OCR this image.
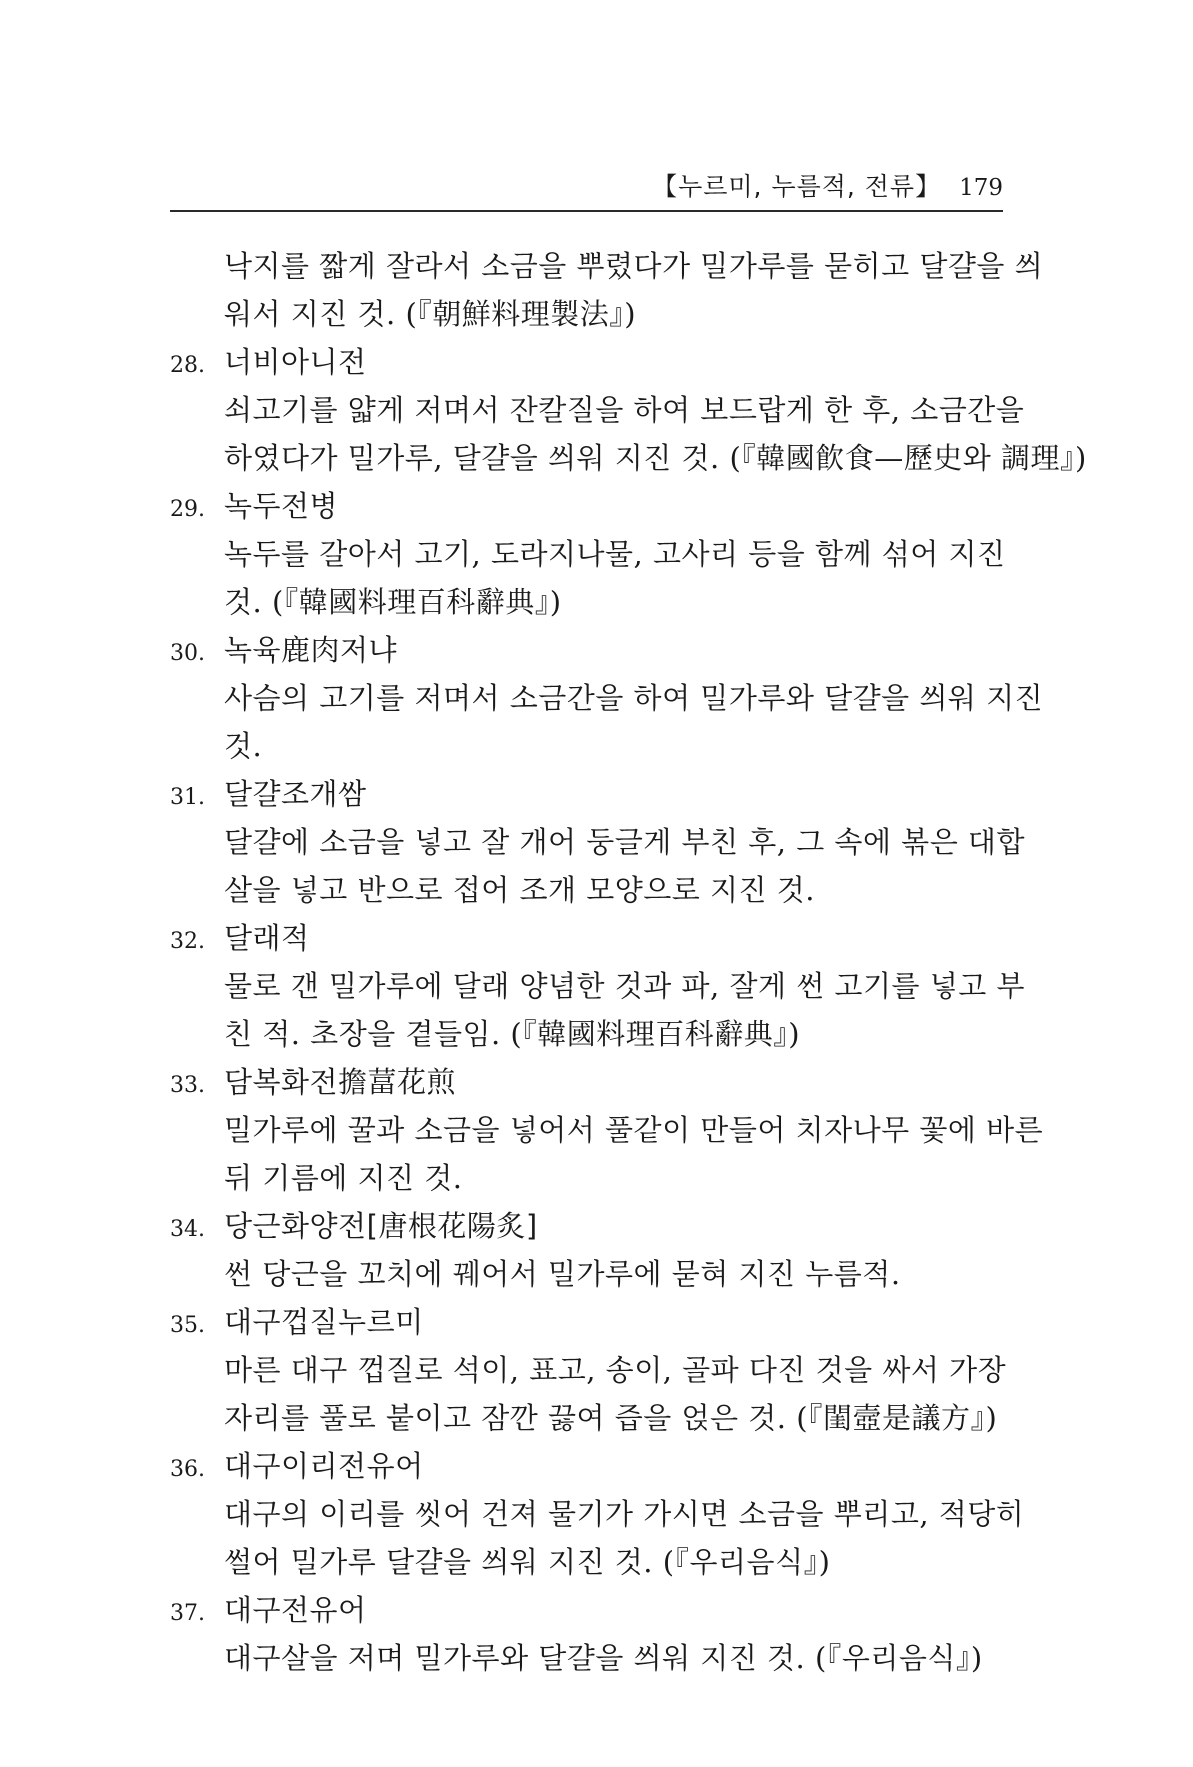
【누르미, 누름적, 전류】 179
낙지를 짧게 잘라서 소금을 뿌렸다가 밀가루를 묻히고 달걀을 씌
워서 지진 것. (『朝鮮料理製法』)
28. 너비아니전
쇠고기를 얇게 저며서 잔칼질을 하여 보드랍게 한 후, 소금간을
하였다가 밀가루, 달걀을 씌워 지진 것. (『韓國飮食—歷史와 調理』)
29. 녹두전병
녹두를 갈아서 고기, 도라지나물, 고사리 등을 함께 섞어 지진
것. (『韓國料理百科辭典』)
30. 녹육鹿肉저냐
사슴의 고기를 저며서 소금간을 하여 밀가루와 달걀을 씌워 지진
것.
31. 달걀조개쌈
달걀에 소금을 넣고 잘 개어 둥글게 부친 후, 그 속에 볶은 대합
살을 넣고 반으로 접어 조개 모양으로 지진 것.
32. 달래적
물로 갠 밀가루에 달래 양념한 것과 파, 잘게 썬 고기를 넣고 부
친 적. 초장을 곁들임. (『韓國料理百科辭典』)
33. 담복화전擔葍花煎
밀가루에 꿀과 소금을 넣어서 풀같이 만들어 치자나무 꽃에 바른
뒤 기름에 지진 것.
34. 당근화양전[唐根花陽炙]
썬 당근을 꼬치에 꿰어서 밀가루에 묻혀 지진 누름적.
35. 대구껍질누르미
마른 대구 껍질로 석이, 표고, 송이, 골파 다진 것을 싸서 가장
자리를 풀로 붙이고 잠깐 끓여 즙을 얹은 것. (『閨壼是議方』)
36. 대구이리전유어
대구의 이리를 씻어 건져 물기가 가시면 소금을 뿌리고, 적당히
썰어 밀가루 달걀을 씌워 지진 것. (『우리음식』)
37. 대구전유어
대구살을 저며 밀가루와 달걀을 씌워 지진 것. (『우리음식』)
